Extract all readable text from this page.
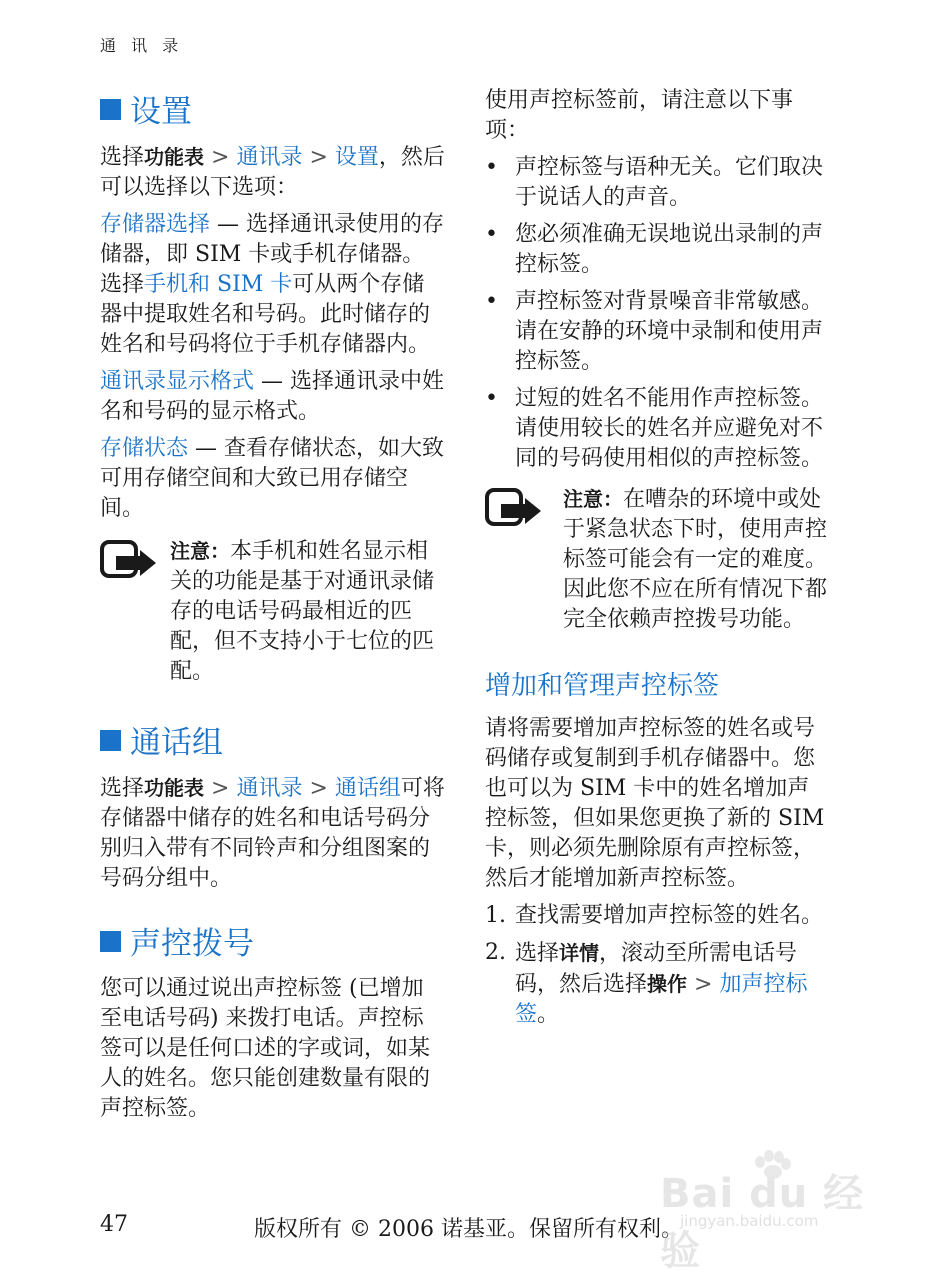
通 讯 录
设置

选择功能表 > 通讯录 > 设置，然后可以选择以下选项：

存储器选择 — 选择通讯录使用的存储器，即 SIM 卡或手机存储器。选择手机和 SIM 卡可从两个存储器中提取姓名和号码。此时储存的姓名和号码将位于手机存储器内。

通讯录显示格式 — 选择通讯录中姓名和号码的显示格式。

存储状态 — 查看存储状态，如大致可用存储空间和大致已用存储空间。

注意：本手机和姓名显示相关的功能是基于对通讯录储存的电话号码最相近的匹配，但不支持小于七位的匹配。
通话组

选择功能表 > 通讯录 > 通话组可将存储器中储存的姓名和电话号码分别归入带有不同铃声和分组图案的号码分组中。

声控拨号

您可以通过说出声控标签 (已增加至电话号码) 来拨打电话。声控标签可以是任何口述的字或词，如某人的姓名。您只能创建数量有限的声控标签。

使用声控标签前，请注意以下事项：

• 声控标签与语种无关。它们取决于说话人的声音。
• 您必须准确无误地说出录制的声控标签。
• 声控标签对背景噪音非常敏感。请在安静的环境中录制和使用声控标签。
• 过短的姓名不能用作声控标签。请使用较长的姓名并应避免对不同的号码使用相似的声控标签。
注意：在嘈杂的环境中或处于紧急状态下时，使用声控标签可能会有一定的难度。因此您不应在所有情况下都完全依赖声控拨号功能。
增加和管理声控标签

请将需要增加声控标签的姓名或号码储存或复制到手机存储器中。您也可以为 SIM 卡中的姓名增加声控标签，但如果您更换了新的 SIM 卡，则必须先删除原有声控标签，然后才能增加新声控标签。

1. 查找需要增加声控标签的姓名。
2. 选择详情，滚动至所需电话号码，然后选择操作 > 加声控标签。
47	版权所有 © 2006 诺基亚。保留所有权利。
Bai du 经验
jingyan.baidu.com
